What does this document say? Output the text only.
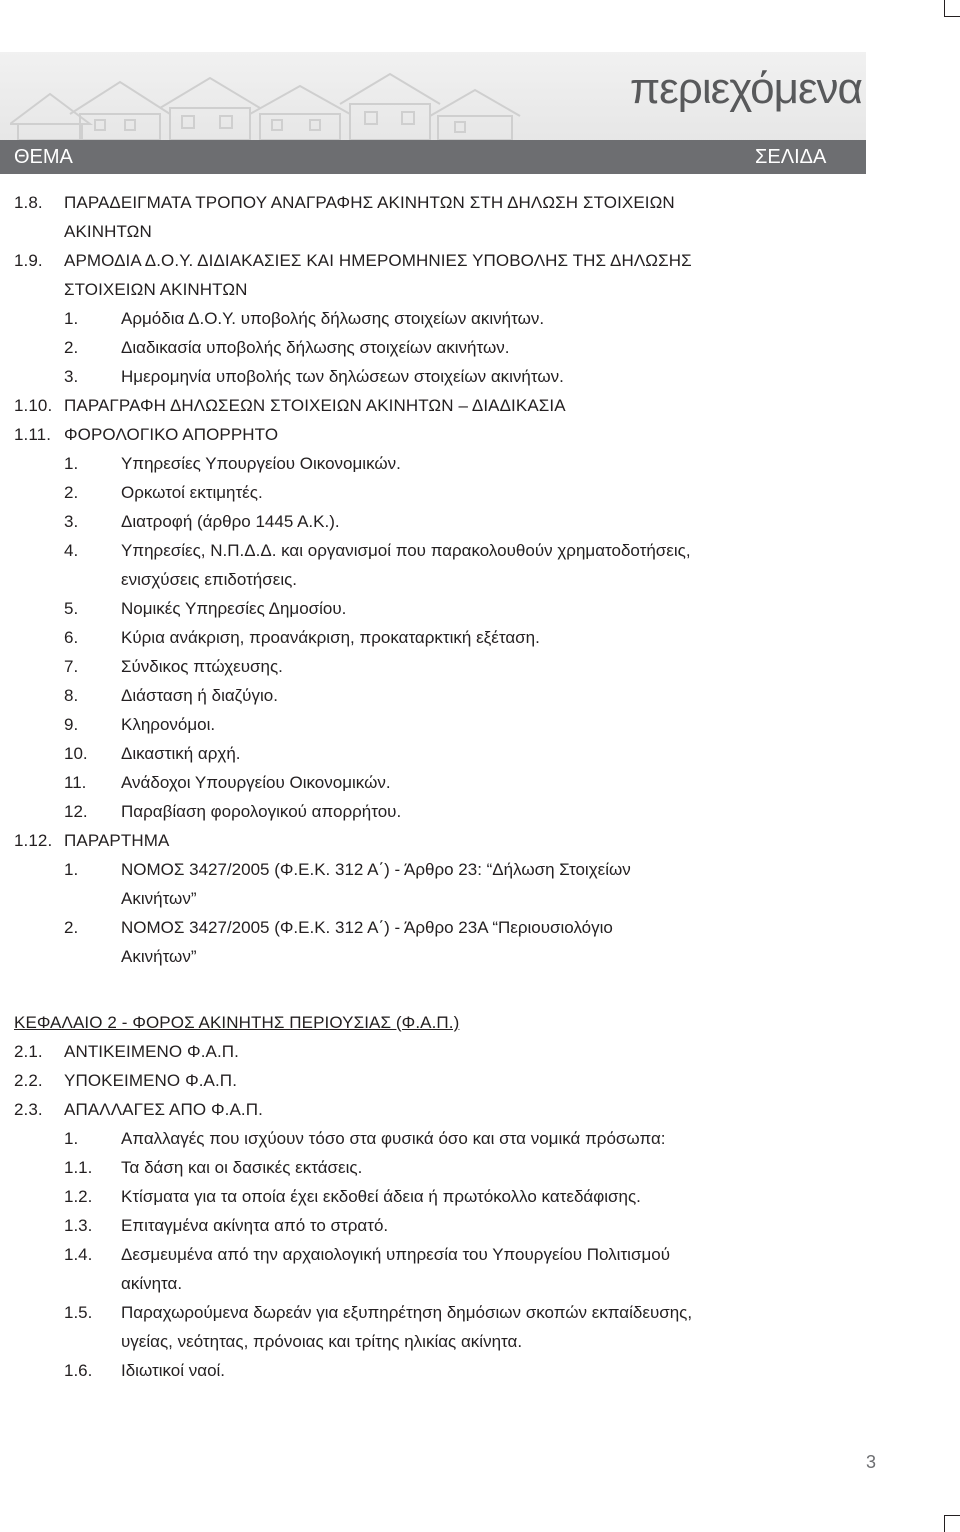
περιεχόμενα
ΘΕΜΑ	ΣΕΛΙΔΑ
1.8. ΠΑΡΑΔΕΙΓΜΑΤΑ ΤΡΟΠΟΥ ΑΝΑΓΡΑΦΗΣ ΑΚΙΝΗΤΩΝ ΣΤΗ ΔΗΛΩΣΗ ΣΤΟΙΧΕΙΩΝ
ΑΚΙΝΗΤΩΝ
1.9. ΑΡΜΟΔΙΑ Δ.Ο.Υ. ΔΙΔΙΑΚΑΣΙΕΣ ΚΑΙ ΗΜΕΡΟΜΗΝΙΕΣ ΥΠΟΒΟΛΗΣ ΤΗΣ ΔΗΛΩΣΗΣ
ΣΤΟΙΧΕΙΩΝ ΑΚΙΝΗΤΩΝ
1.	Αρμόδια Δ.Ο.Υ. υποβολής δήλωσης στοιχείων ακινήτων.
2.	Διαδικασία υποβολής δήλωσης στοιχείων ακινήτων.
3.	Ημερομηνία υποβολής των δηλώσεων στοιχείων ακινήτων.
1.10. ΠΑΡΑΓΡΑΦΗ ΔΗΛΩΣΕΩΝ ΣΤΟΙΧΕΙΩΝ ΑΚΙΝΗΤΩΝ – ΔΙΑΔΙΚΑΣΙΑ
1.11. ΦΟΡΟΛΟΓΙΚΟ ΑΠΟΡΡΗΤΟ
1.	Υπηρεσίες Υπουργείου Οικονομικών.
2.	Ορκωτοί εκτιμητές.
3.	Διατροφή (άρθρο 1445 Α.Κ.).
4.	Υπηρεσίες, Ν.Π.Δ.Δ. και οργανισμοί που παρακολουθούν χρηματοδοτήσεις,
ενισχύσεις επιδοτήσεις.
5.	Νομικές Υπηρεσίες Δημοσίου.
6.	Κύρια ανάκριση, προανάκριση, προκαταρκτική εξέταση.
7.	Σύνδικος πτώχευσης.
8.	Διάσταση ή διαζύγιο.
9.	Κληρονόμοι.
10. Δικαστική αρχή.
11. Ανάδοχοι Υπουργείου Οικονομικών.
12. Παραβίαση φορολογικού απορρήτου.
1.12. ΠΑΡΑΡΤΗΜΑ
1.	ΝΟΜΟΣ 3427/2005 (Φ.Ε.Κ. 312 Α΄) - Άρθρο 23: “Δήλωση Στοιχείων
Ακινήτων”
2.	ΝΟΜΟΣ 3427/2005 (Φ.Ε.Κ. 312 Α΄) - Άρθρο 23Α “Περιουσιολόγιο
Ακινήτων”
ΚΕΦΑΛΑΙΟ 2 - ΦΟΡΟΣ ΑΚΙΝΗΤΗΣ ΠΕΡΙΟΥΣΙΑΣ (Φ.Α.Π.)
2.1. ΑΝΤΙΚΕΙΜΕΝΟ Φ.Α.Π.
2.2. ΥΠΟΚΕΙΜΕΝΟ Φ.Α.Π.
2.3. ΑΠΑΛΛΑΓΕΣ ΑΠΟ Φ.Α.Π.
1.	Απαλλαγές που ισχύουν τόσο στα φυσικά όσο και στα νομικά πρόσωπα:
1.1. Τα δάση και οι δασικές εκτάσεις.
1.2. Κτίσματα για τα οποία έχει εκδοθεί άδεια ή πρωτόκολλο κατεδάφισης.
1.3. Επιταγμένα ακίνητα από το στρατό.
1.4. Δεσμευμένα από την αρχαιολογική υπηρεσία του Υπουργείου Πολιτισμού
ακίνητα.
1.5. Παραχωρούμενα δωρεάν για εξυπηρέτηση δημόσιων σκοπών εκπαίδευσης,
υγείας, νεότητας, πρόνοιας και τρίτης ηλικίας ακίνητα.
1.6. Ιδιωτικοί ναοί.
3
